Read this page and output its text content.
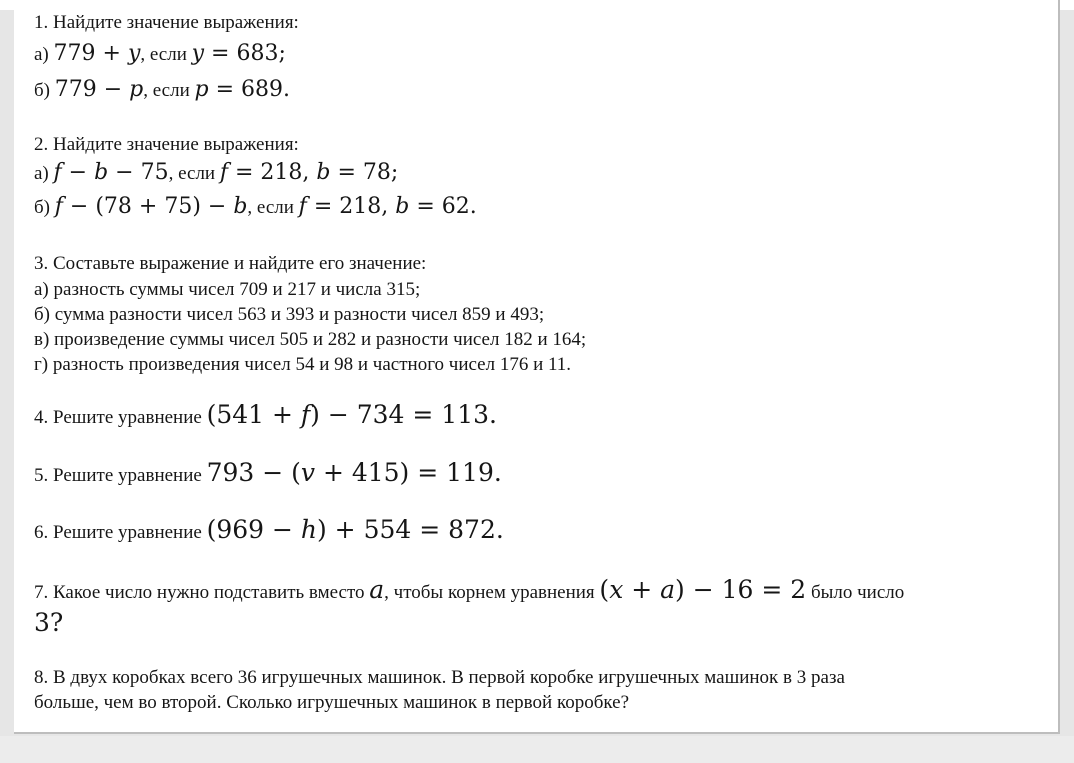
1. Найдите значение выражения:
а) 779 + y, если y = 683;
б) 779 − p, если p = 689.
2. Найдите значение выражения:
а) f − b − 75, если f = 218, b = 78;
б) f − (78 + 75) − b, если f = 218, b = 62.
3. Составьте выражение и найдите его значение:
а) разность суммы чисел 709 и 217 и числа 315;
б) сумма разности чисел 563 и 393 и разности чисел 859 и 493;
в) произведение суммы чисел 505 и 282 и разности чисел 182 и 164;
г) разность произведения чисел 54 и 98 и частного чисел 176 и 11.
4. Решите уравнение (541 + f) − 734 = 113.
5. Решите уравнение 793 − (v + 415) = 119.
6. Решите уравнение (969 − h) + 554 = 872.
7. Какое число нужно подставить вместо a, чтобы корнем уравнения (x + a) − 16 = 2 было число
3?
8. В двух коробках всего 36 игрушечных машинок. В первой коробке игрушечных машинок в 3 раза
больше, чем во второй. Сколько игрушечных машинок в первой коробке?
